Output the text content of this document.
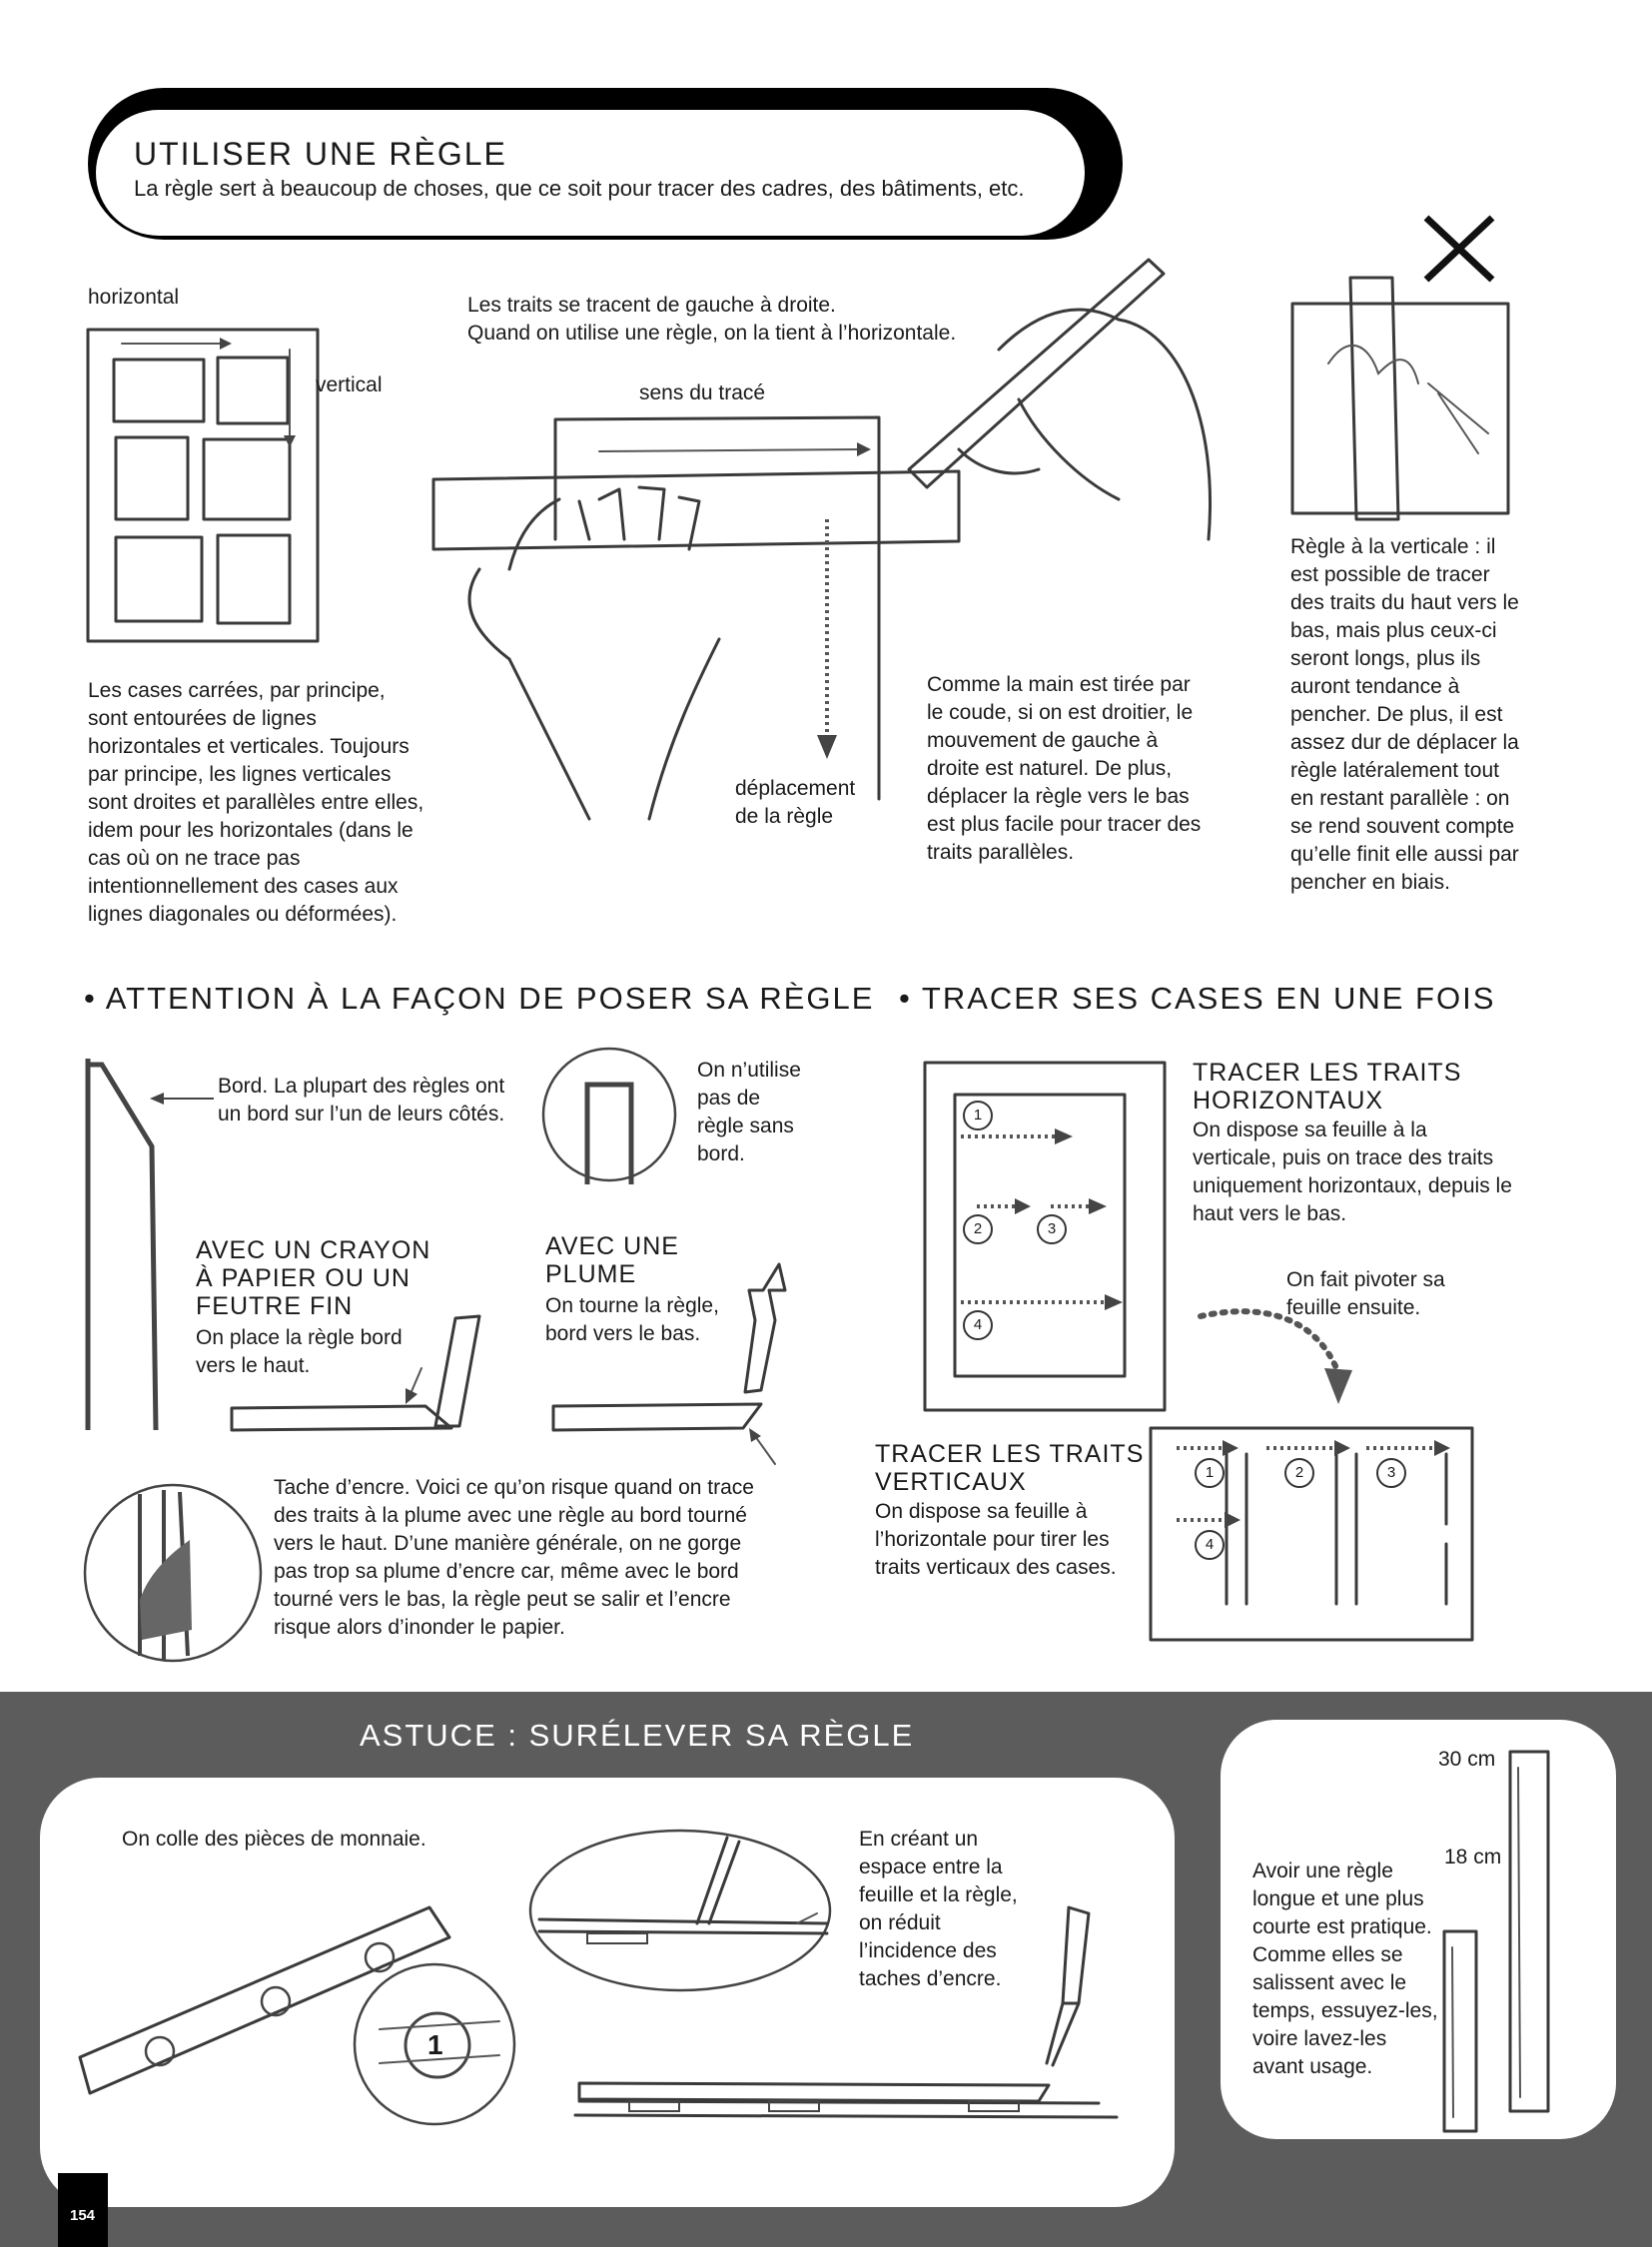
UTILISER UNE RÈGLE
La règle sert à beaucoup de choses, que ce soit pour tracer des cadres, des bâtiments, etc.
horizontal
vertical
Les cases carrées, par principe, sont entourées de lignes horizontales et verticales. Toujours par principe, les lignes verticales sont droites et parallèles entre elles, idem pour les horizontales (dans le cas où on ne trace pas intentionnellement des cases aux lignes diagonales ou déformées).
Les traits se tracent de gauche à droite.
Quand on utilise une règle, on la tient à l’horizontale.
sens du tracé
déplacement de la règle
Comme la main est tirée par le coude, si on est droitier, le mouvement de gauche à droite est naturel. De plus, déplacer la règle vers le bas est plus facile pour tracer des traits parallèles.
Règle à la verticale : il est possible de tracer des traits du haut vers le bas, mais plus ceux-ci seront longs, plus ils auront tendance à pencher. De plus, il est assez dur de déplacer la règle latéralement tout en restant parallèle : on se rend souvent compte qu’elle finit elle aussi par pencher en biais.
• ATTENTION À LA FAÇON DE POSER SA RÈGLE
Bord. La plupart des règles ont un bord sur l’un de leurs côtés.
On n’utilise pas de règle sans bord.
AVEC UN CRAYON À PAPIER OU UN FEUTRE FIN
On place la règle bord vers le haut.
AVEC UNE PLUME
On tourne la règle, bord vers le bas.
Tache d’encre. Voici ce qu’on risque quand on trace des traits à la plume avec une règle au bord tourné vers le haut. D’une manière générale, on ne gorge pas trop sa plume d’encre car, même avec le bord tourné vers le bas, la règle peut se salir et l’encre risque alors d’inonder le papier.
• TRACER SES CASES EN UNE FOIS
1
2	3
4
TRACER LES TRAITS HORIZONTAUX
On dispose sa feuille à la verticale, puis on trace des traits uniquement horizontaux, depuis le haut vers le bas.
On fait pivoter sa feuille ensuite.
TRACER LES TRAITS VERTICAUX
On dispose sa feuille à l’horizontale pour tirer les traits verticaux des cases.
1	2	3
4
ASTUCE : SURÉLEVER SA RÈGLE
On colle des pièces de monnaie.
1
En créant un espace entre la feuille et la règle, on réduit l’incidence des taches d’encre.
30 cm
18 cm
Avoir une règle longue et une plus courte est pratique. Comme elles se salissent avec le temps, essuyez-les, voire lavez-les avant usage.
154
